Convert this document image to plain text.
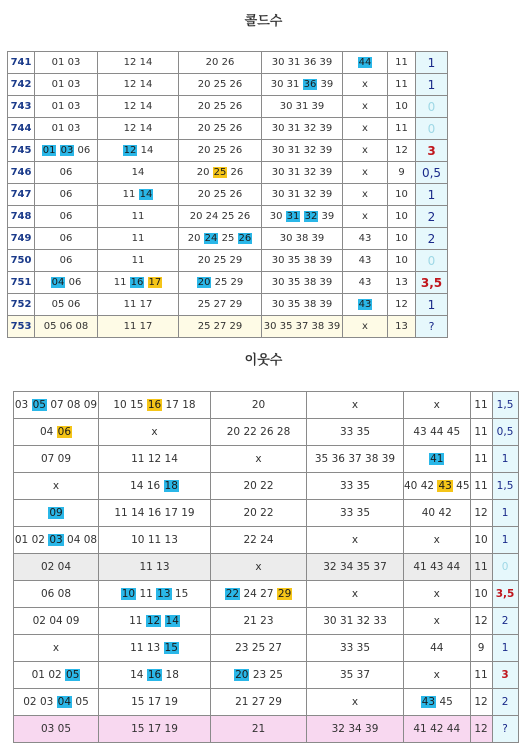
콜드수
741	01 03	12 14	20 26	30 31 36 39	44	11	1
742	01 03	12 14	20 25 26	30 31 36 39	x	11	1
743	01 03	12 14	20 25 26	30 31 39	x	10	0
744	01 03	12 14	20 25 26	30 31 32 39	x	11	0
745	01 03 06	12 14	20 25 26	30 31 32 39	x	12	3
746	06	14	20 25 26	30 31 32 39	x	9	0,5
747	06	11 14	20 25 26	30 31 32 39	x	10	1
748	06	11	20 24 25 26	30 31 32 39	x	10	2
749	06	11	20 24 25 26	30 38 39	43	10	2
750	06	11	20 25 29	30 35 38 39	43	10	0
751	04 06	11 16 17	20 25 29	30 35 38 39	43	13	3,5
752	05 06	11 17	25 27 29	30 35 38 39	43	12	1
753	05 06 08	11 17	25 27 29	30 35 37 38 39	x	13	?
이웃수
03 05 07 08 09	10 15 16 17 18	20	x	x	11	1,5
04 06	x	20 22 26 28	33 35	43 44 45	11	0,5
07 09	11 12 14	x	35 36 37 38 39	41	11	1
x	14 16 18	20 22	33 35	40 42 43 45	11	1,5
09	11 14 16 17 19	20 22	33 35	40 42	12	1
01 02 03 04 08	10 11 13	22 24	x	x	10	1
02 04	11 13	x	32 34 35 37	41 43 44	11	0
06 08	10 11 13 15	22 24 27 29	x	x	10	3,5
02 04 09	11 12 14	21 23	30 31 32 33	x	12	2
x	11 13 15	23 25 27	33 35	44	9	1
01 02 05	14 16 18	20 23 25	35 37	x	11	3
02 03 04 05	15 17 19	21 27 29	x	43 45	12	2
03 05	15 17 19	21	32 34 39	41 42 44	12	?
